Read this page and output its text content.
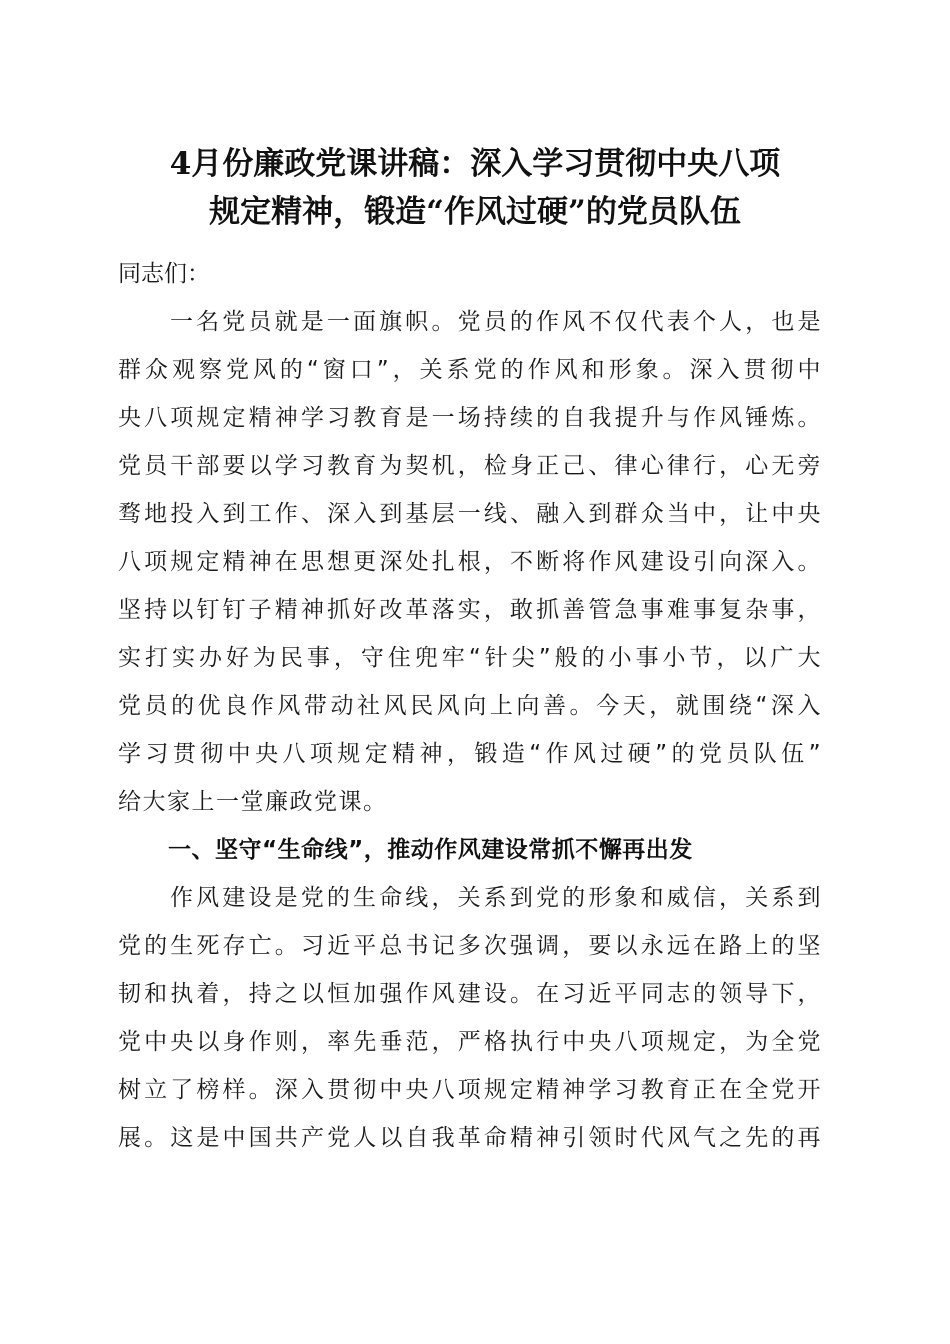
4月份廉政党课讲稿：深入学习贯彻中央八项
规定精神，锻造“作风过硬”的党员队伍

同志们：

一名党员就是一面旗帜。党员的作风不仅代表个人，也是
群众观察党风的“窗口”，关系党的作风和形象。深入贯彻中
央八项规定精神学习教育是一场持续的自我提升与作风锤炼。
党员干部要以学习教育为契机，检身正己、律心律行，心无旁
骛地投入到工作、深入到基层一线、融入到群众当中，让中央
八项规定精神在思想更深处扎根，不断将作风建设引向深入。
坚持以钉钉子精神抓好改革落实，敢抓善管急事难事复杂事，
实打实办好为民事，守住兜牢“针尖”般的小事小节，以广大
党员的优良作风带动社风民风向上向善。今天，就围绕“深入
学习贯彻中央八项规定精神，锻造“作风过硬”的党员队伍”
给大家上一堂廉政党课。

一、坚守“生命线”，推动作风建设常抓不懈再出发

作风建设是党的生命线，关系到党的形象和威信，关系到
党的生死存亡。习近平总书记多次强调，要以永远在路上的坚
韧和执着，持之以恒加强作风建设。在习近平同志的领导下，
党中央以身作则，率先垂范，严格执行中央八项规定，为全党
树立了榜样。深入贯彻中央八项规定精神学习教育正在全党开
展。这是中国共产党人以自我革命精神引领时代风气之先的再
